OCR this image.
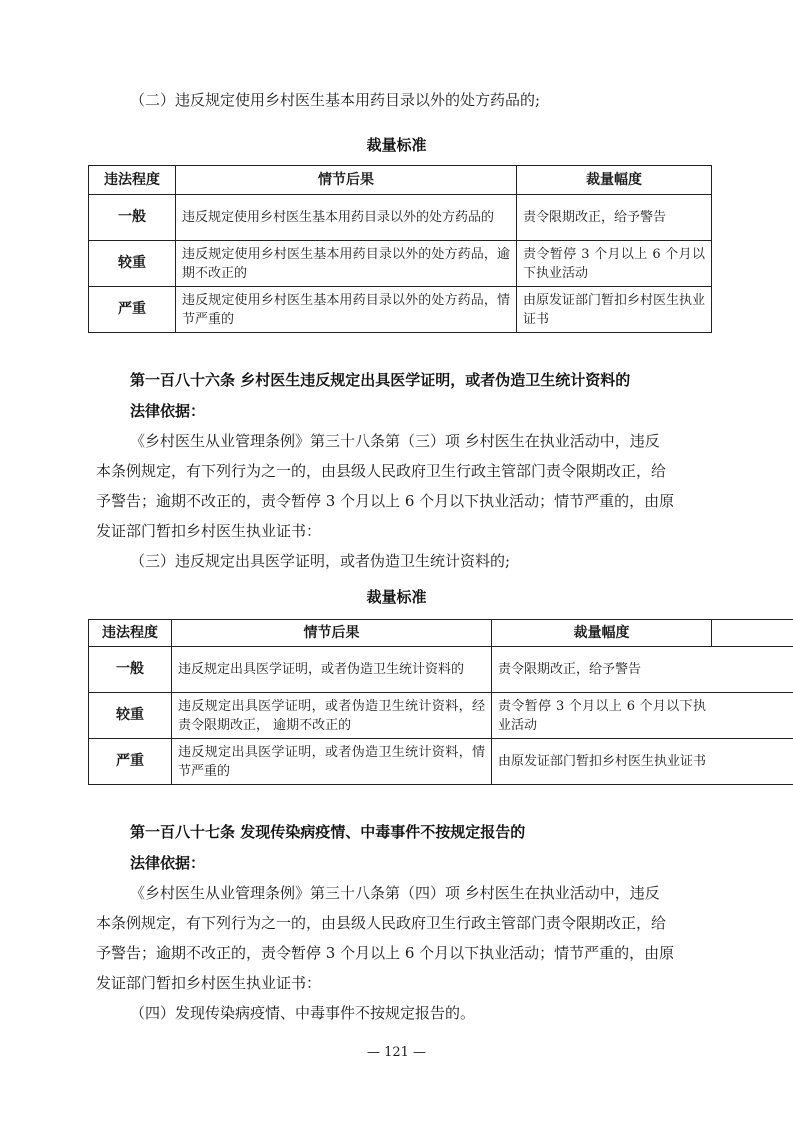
（二）违反规定使用乡村医生基本用药目录以外的处方药品的;
裁量标准
违法程度	情节后果	裁量幅度
一般	违反规定使用乡村医生基本用药目录以外的处方药品的	责令限期改正，给予警告
较重	违反规定使用乡村医生基本用药目录以外的处方药品，逾期不改正的	责令暂停 3 个月以上 6 个月以下执业活动
严重	违反规定使用乡村医生基本用药目录以外的处方药品，情节严重的	由原发证部门暂扣乡村医生执业证书
第一百八十六条 乡村医生违反规定出具医学证明，或者伪造卫生统计资料的
法律依据：
《乡村医生从业管理条例》第三十八条第（三）项 乡村医生在执业活动中，违反
本条例规定，有下列行为之一的，由县级人民政府卫生行政主管部门责令限期改正，给
予警告；逾期不改正的，责令暂停 3 个月以上 6 个月以下执业活动；情节严重的，由原
发证部门暂扣乡村医生执业证书：
（三）违反规定出具医学证明，或者伪造卫生统计资料的;
裁量标准
违法程度	情节后果	裁量幅度	
一般	违反规定出具医学证明，或者伪造卫生统计资料的	责令限期改正，给予警告	
较重	违反规定出具医学证明，或者伪造卫生统计资料，经责令限期改正， 逾期不改正的	责令暂停 3 个月以上 6 个月以下执业活动	

严重	违反规定出具医学证明，或者伪造卫生统计资料，情节严重的	由原发证部门暂扣乡村医生执业证书	
第一百八十七条 发现传染病疫情、中毒事件不按规定报告的
法律依据：
《乡村医生从业管理条例》第三十八条第（四）项 乡村医生在执业活动中，违反
本条例规定，有下列行为之一的，由县级人民政府卫生行政主管部门责令限期改正，给
予警告；逾期不改正的，责令暂停 3 个月以上 6 个月以下执业活动；情节严重的，由原
发证部门暂扣乡村医生执业证书：
（四）发现传染病疫情、中毒事件不按规定报告的。
— 121 —
